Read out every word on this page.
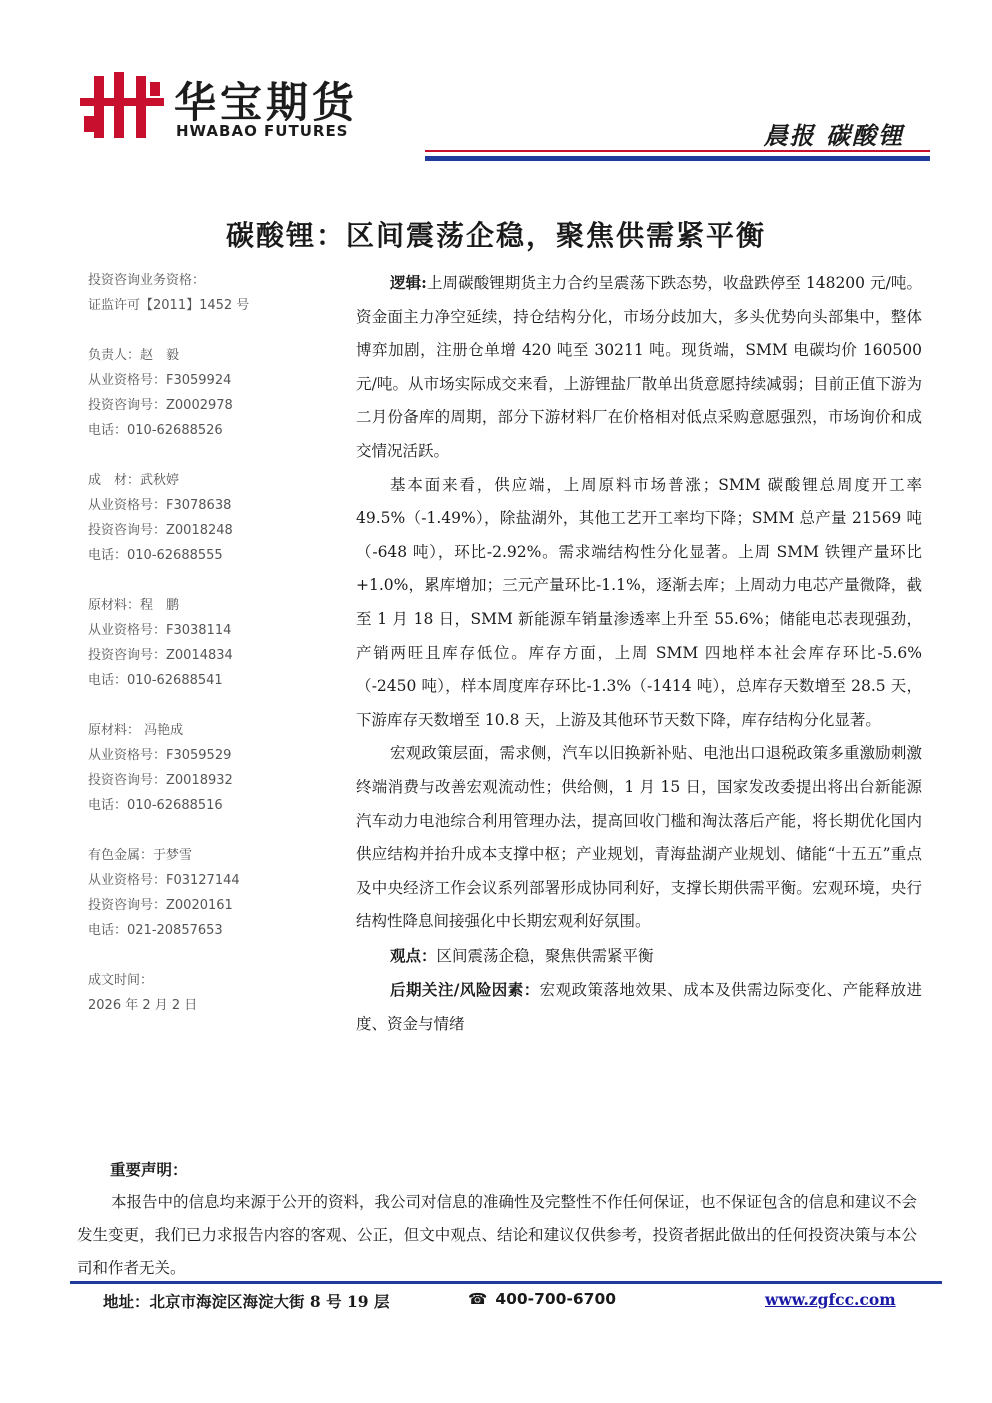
华宝期货
HWABAO FUTURES	晨报 碳酸锂
碳酸锂：区间震荡企稳，聚焦供需紧平衡
投资咨询业务资格：
证监许可【2011】1452 号
负责人：赵　毅
从业资格号：F3059924
投资咨询号：Z0002978
电话：010-62688526
成　材：武秋婷
从业资格号：F3078638
投资咨询号：Z0018248
电话：010-62688555
原材料：程　鹏
从业资格号：F3038114
投资咨询号：Z0014834
电话：010-62688541
原材料： 冯艳成
从业资格号：F3059529
投资咨询号：Z0018932
电话：010-62688516
有色金属：于梦雪
从业资格号：F03127144
投资咨询号：Z0020161
电话：021-20857653
成文时间：
2026 年 2 月 2 日

逻辑:上周碳酸锂期货主力合约呈震荡下跌态势，收盘跌停至 148200 元/吨。资金面主力净空延续，持仓结构分化，市场分歧加大，多头优势向头部集中，整体博弈加剧，注册仓单增 420 吨至 30211 吨。现货端，SMM 电碳均价 160500 元/吨。从市场实际成交来看，上游锂盐厂散单出货意愿持续减弱；目前正值下游为二月份备库的周期，部分下游材料厂在价格相对低点采购意愿强烈，市场询价和成交情况活跃。

基本面来看，供应端，上周原料市场普涨；SMM 碳酸锂总周度开工率 49.5%（-1.49%），除盐湖外，其他工艺开工率均下降；SMM 总产量 21569 吨（-648 吨），环比-2.92%。需求端结构性分化显著。上周 SMM 铁锂产量环比+1.0%，累库增加；三元产量环比-1.1%，逐渐去库；上周动力电芯产量微降，截至 1 月 18 日，SMM 新能源车销量渗透率上升至 55.6%；储能电芯表现强劲，产销两旺且库存低位。库存方面，上周 SMM 四地样本社会库存环比-5.6%（-2450 吨），样本周度库存环比-1.3%（-1414 吨），总库存天数增至 28.5 天，下游库存天数增至 10.8 天，上游及其他环节天数下降，库存结构分化显著。

宏观政策层面，需求侧，汽车以旧换新补贴、电池出口退税政策多重激励刺激终端消费与改善宏观流动性；供给侧，1 月 15 日，国家发改委提出将出台新能源汽车动力电池综合利用管理办法，提高回收门槛和淘汰落后产能，将长期优化国内供应结构并抬升成本支撑中枢；产业规划，青海盐湖产业规划、储能“十五五”重点及中央经济工作会议系列部署形成协同利好，支撑长期供需平衡。宏观环境，央行结构性降息间接强化中长期宏观利好氛围。

观点：区间震荡企稳，聚焦供需紧平衡

后期关注/风险因素：宏观政策落地效果、成本及供需边际变化、产能释放进度、资金与情绪

重要声明：

本报告中的信息均来源于公开的资料，我公司对信息的准确性及完整性不作任何保证，也不保证包含的信息和建议不会发生变更，我们已力求报告内容的客观、公正，但文中观点、结论和建议仅供参考，投资者据此做出的任何投资决策与本公司和作者无关。

地址：北京市海淀区海淀大街 8 号 19 层	☎ 400-700-6700	www.zgfcc.com
